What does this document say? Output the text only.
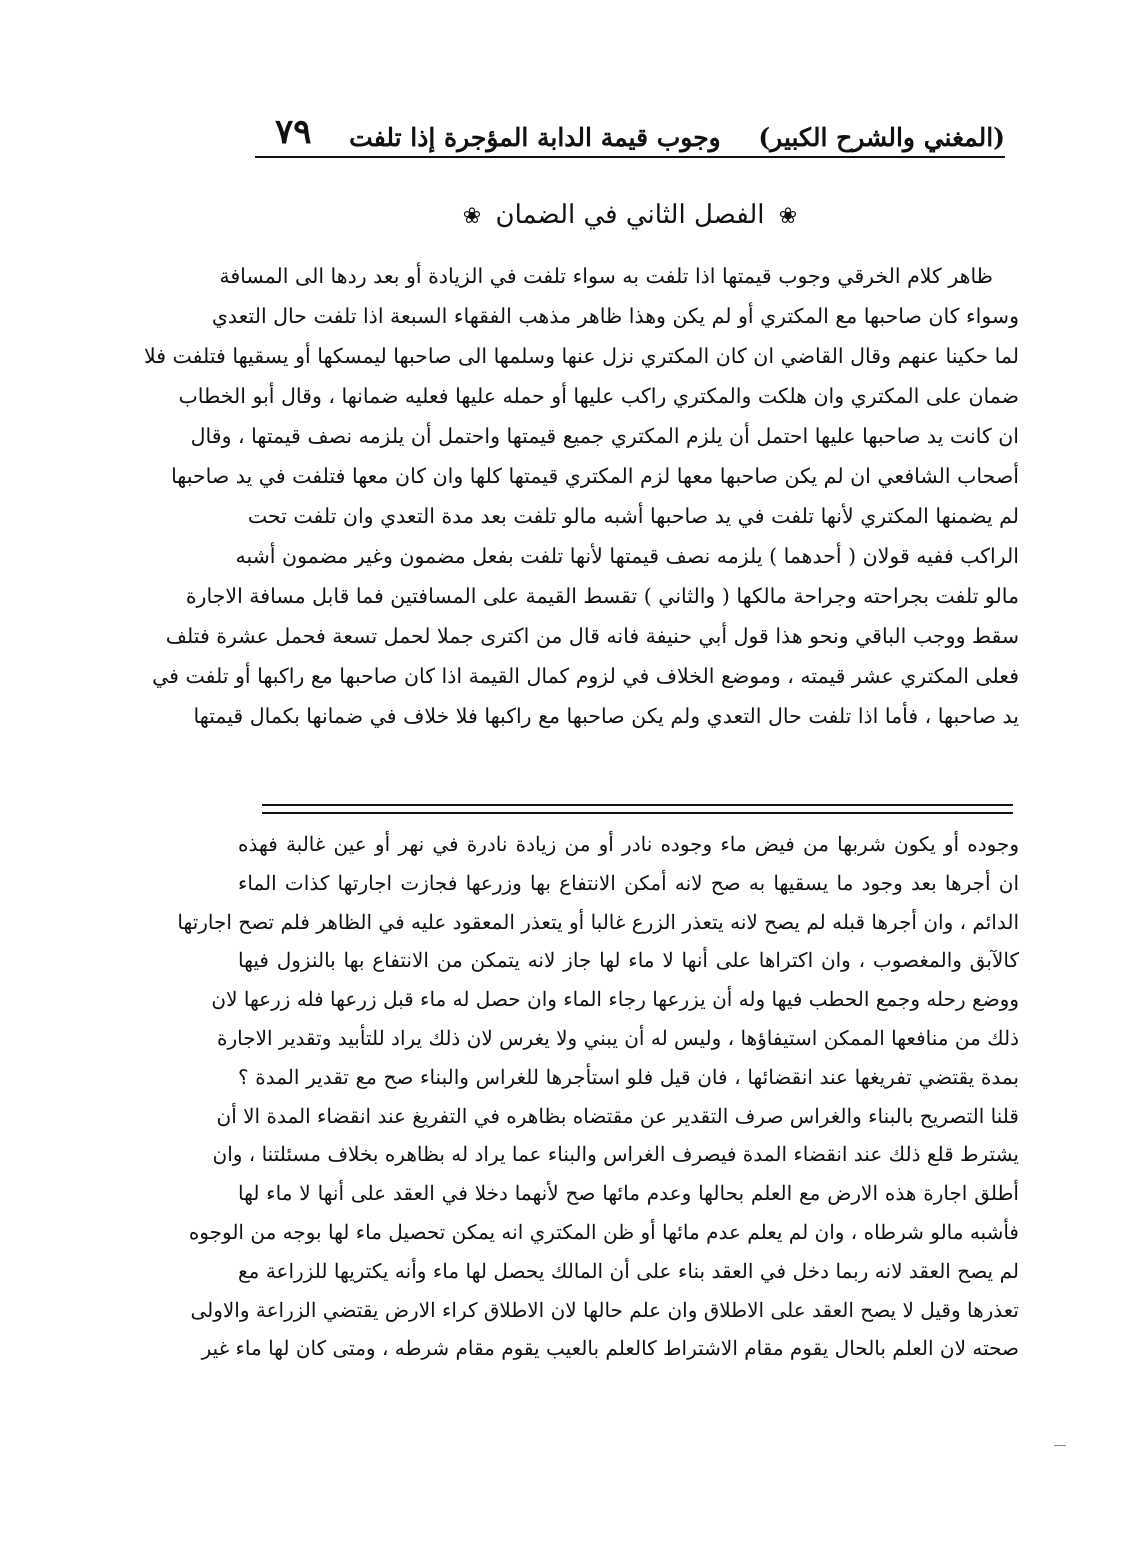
(المغني والشرح الكبير)
وجوب قيمة الدابة المؤجرة إذا تلفت
٧٩
❀ الفصل الثاني في الضمان ❀
ظاهر كلام الخرقي وجوب قيمتها اذا تلفت به سواء تلفت في الزيادة أو بعد ردها الى المسافة
وسواء كان صاحبها مع المكتري أو لم يكن وهذا ظاهر مذهب الفقهاء السبعة اذا تلفت حال التعدي
لما حكينا عنهم وقال القاضي ان كان المكتري نزل عنها وسلمها الى صاحبها ليمسكها أو يسقيها فتلفت فلا
ضمان على المكتري وان هلكت والمكتري راكب عليها أو حمله عليها فعليه ضمانها ، وقال أبو الخطاب
ان كانت يد صاحبها عليها احتمل أن يلزم المكتري جميع قيمتها واحتمل أن يلزمه نصف قيمتها ، وقال
أصحاب الشافعي ان لم يكن صاحبها معها لزم المكتري قيمتها كلها وان كان معها فتلفت في يد صاحبها
لم يضمنها المكتري لأنها تلفت في يد صاحبها أشبه مالو تلفت بعد مدة التعدي وان تلفت تحت
الراكب ففيه قولان ( أحدهما ) يلزمه نصف قيمتها لأنها تلفت بفعل مضمون وغير مضمون أشبه
مالو تلفت بجراحته وجراحة مالكها ( والثاني ) تقسط القيمة على المسافتين فما قابل مسافة الاجارة
سقط ووجب الباقي ونحو هذا قول أبي حنيفة فانه قال من اكترى جملا لحمل تسعة فحمل عشرة فتلف
فعلى المكتري عشر قيمته ، وموضع الخلاف في لزوم كمال القيمة اذا كان صاحبها مع راكبها أو تلفت في
يد صاحبها ، فأما اذا تلفت حال التعدي ولم يكن صاحبها مع راكبها فلا خلاف في ضمانها بكمال قيمتها
وجوده أو يكون شربها من فيض ماء وجوده نادر أو من زيادة نادرة في نهر أو عين غالبة فهذه
ان أجرها بعد وجود ما يسقيها به صح لانه أمكن الانتفاع بها وزرعها فجازت اجارتها كذات الماء
الدائم ، وان أجرها قبله لم يصح لانه يتعذر الزرع غالبا أو يتعذر المعقود عليه في الظاهر فلم تصح اجارتها
كالآبق والمغصوب ، وان اكتراها على أنها لا ماء لها جاز لانه يتمكن من الانتفاع بها بالنزول فيها
ووضع رحله وجمع الحطب فيها وله أن يزرعها رجاء الماء وان حصل له ماء قبل زرعها فله زرعها لان
ذلك من منافعها الممكن استيفاؤها ، وليس له أن يبني ولا يغرس لان ذلك يراد للتأبيد وتقدير الاجارة
بمدة يقتضي تفريغها عند انقضائها ، فان قيل فلو استأجرها للغراس والبناء صح مع تقدير المدة ؟
قلنا التصريح بالبناء والغراس صرف التقدير عن مقتضاه بظاهره في التفريغ عند انقضاء المدة الا أن
يشترط قلع ذلك عند انقضاء المدة فيصرف الغراس والبناء عما يراد له بظاهره بخلاف مسئلتنا ، وان
أطلق اجارة هذه الارض مع العلم بحالها وعدم مائها صح لأنهما دخلا في العقد على أنها لا ماء لها
فأشبه مالو شرطاه ، وان لم يعلم عدم مائها أو ظن المكتري انه يمكن تحصيل ماء لها بوجه من الوجوه
لم يصح العقد لانه ربما دخل في العقد بناء على أن المالك يحصل لها ماء وأنه يكتريها للزراعة مع
تعذرها وقيل لا يصح العقد على الاطلاق وان علم حالها لان الاطلاق كراء الارض يقتضي الزراعة والاولى
صحته لان العلم بالحال يقوم مقام الاشتراط كالعلم بالعيب يقوم مقام شرطه ، ومتى كان لها ماء غير
